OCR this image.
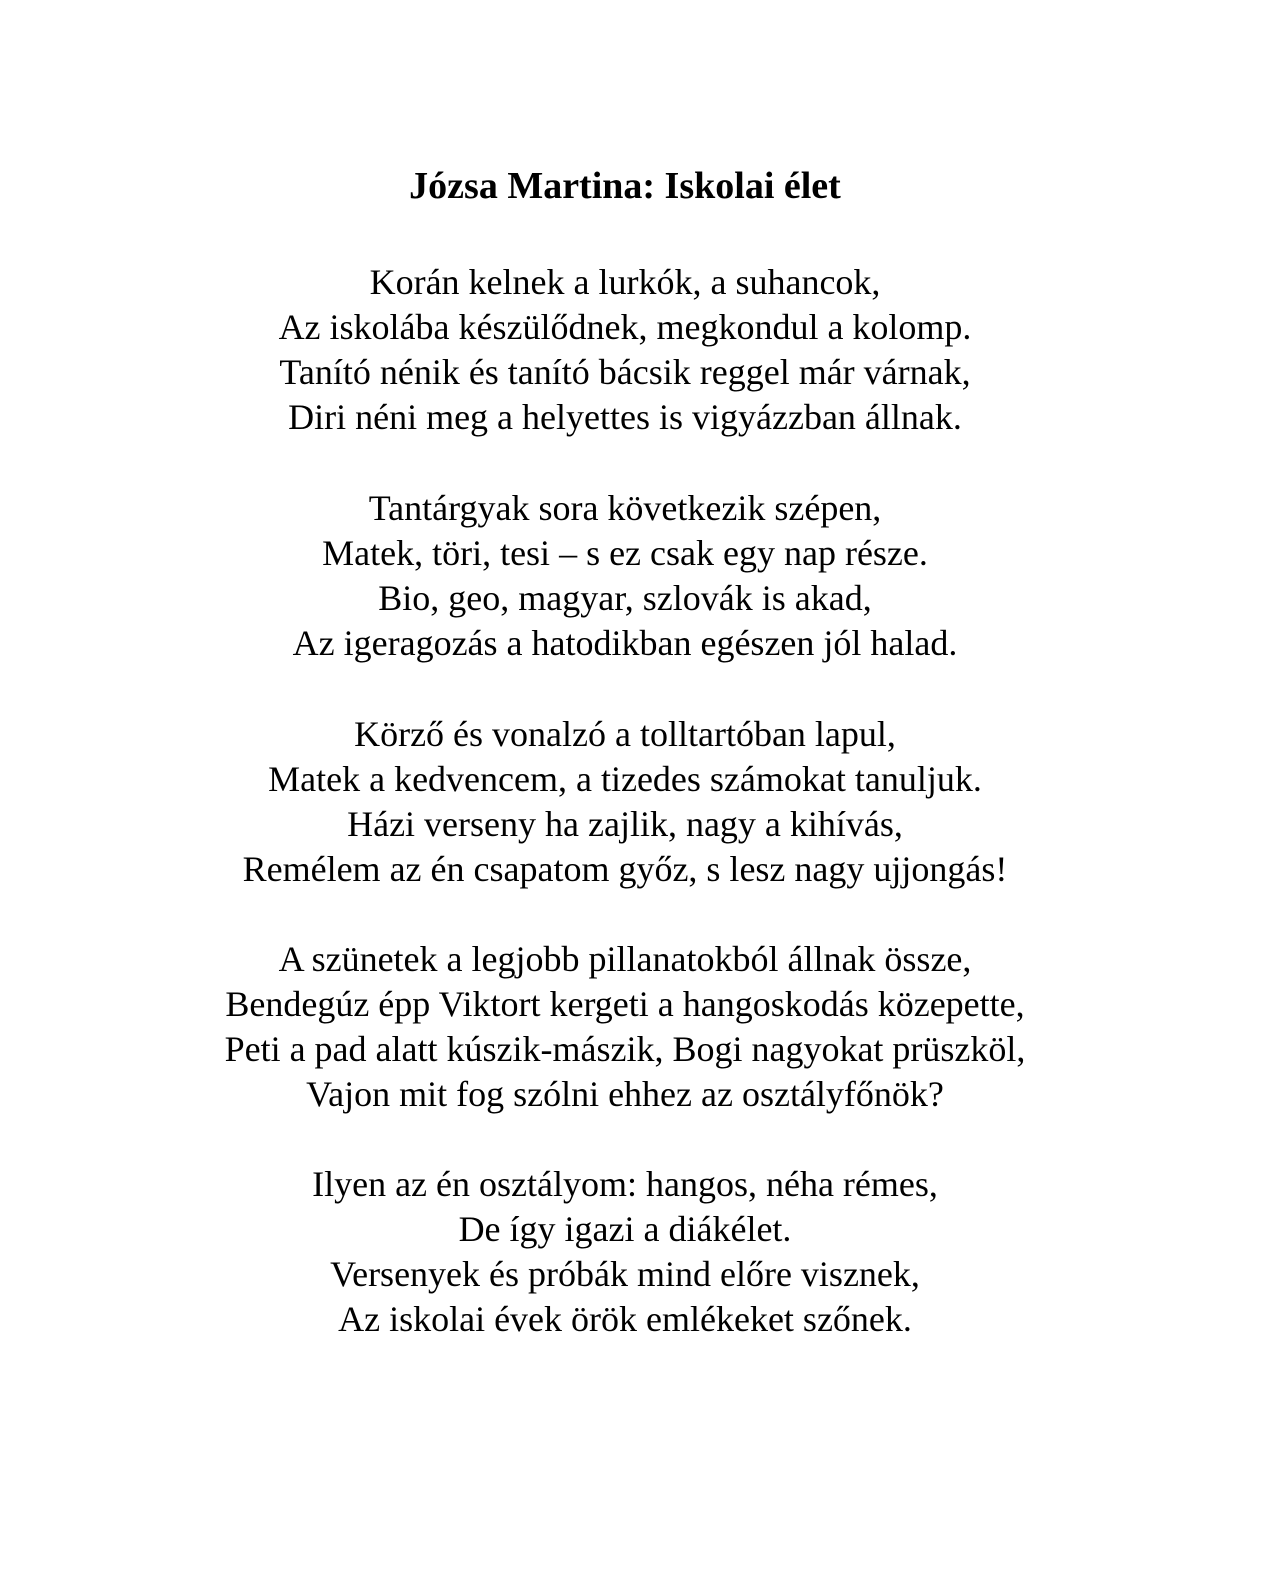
Józsa Martina: Iskolai élet
Korán kelnek a lurkók, a suhancok,
Az iskolába készülődnek, megkondul a kolomp.
Tanító nénik és tanító bácsik reggel már várnak,
Diri néni meg a helyettes is vigyázzban állnak.
Tantárgyak sora következik szépen,
Matek, töri, tesi – s ez csak egy nap része.
Bio, geo, magyar, szlovák is akad,
Az igeragozás a hatodikban egészen jól halad.
Körző és vonalzó a tolltartóban lapul,
Matek a kedvencem, a tizedes számokat tanuljuk.
Házi verseny ha zajlik, nagy a kihívás,
Remélem az én csapatom győz, s lesz nagy ujjongás!
A szünetek a legjobb pillanatokból állnak össze,
Bendegúz épp Viktort kergeti a hangoskodás közepette,
Peti a pad alatt kúszik-mászik, Bogi nagyokat prüszköl,
Vajon mit fog szólni ehhez az osztályfőnök?
Ilyen az én osztályom: hangos, néha rémes,
De így igazi a diákélet.
Versenyek és próbák mind előre visznek,
Az iskolai évek örök emlékeket szőnek.
